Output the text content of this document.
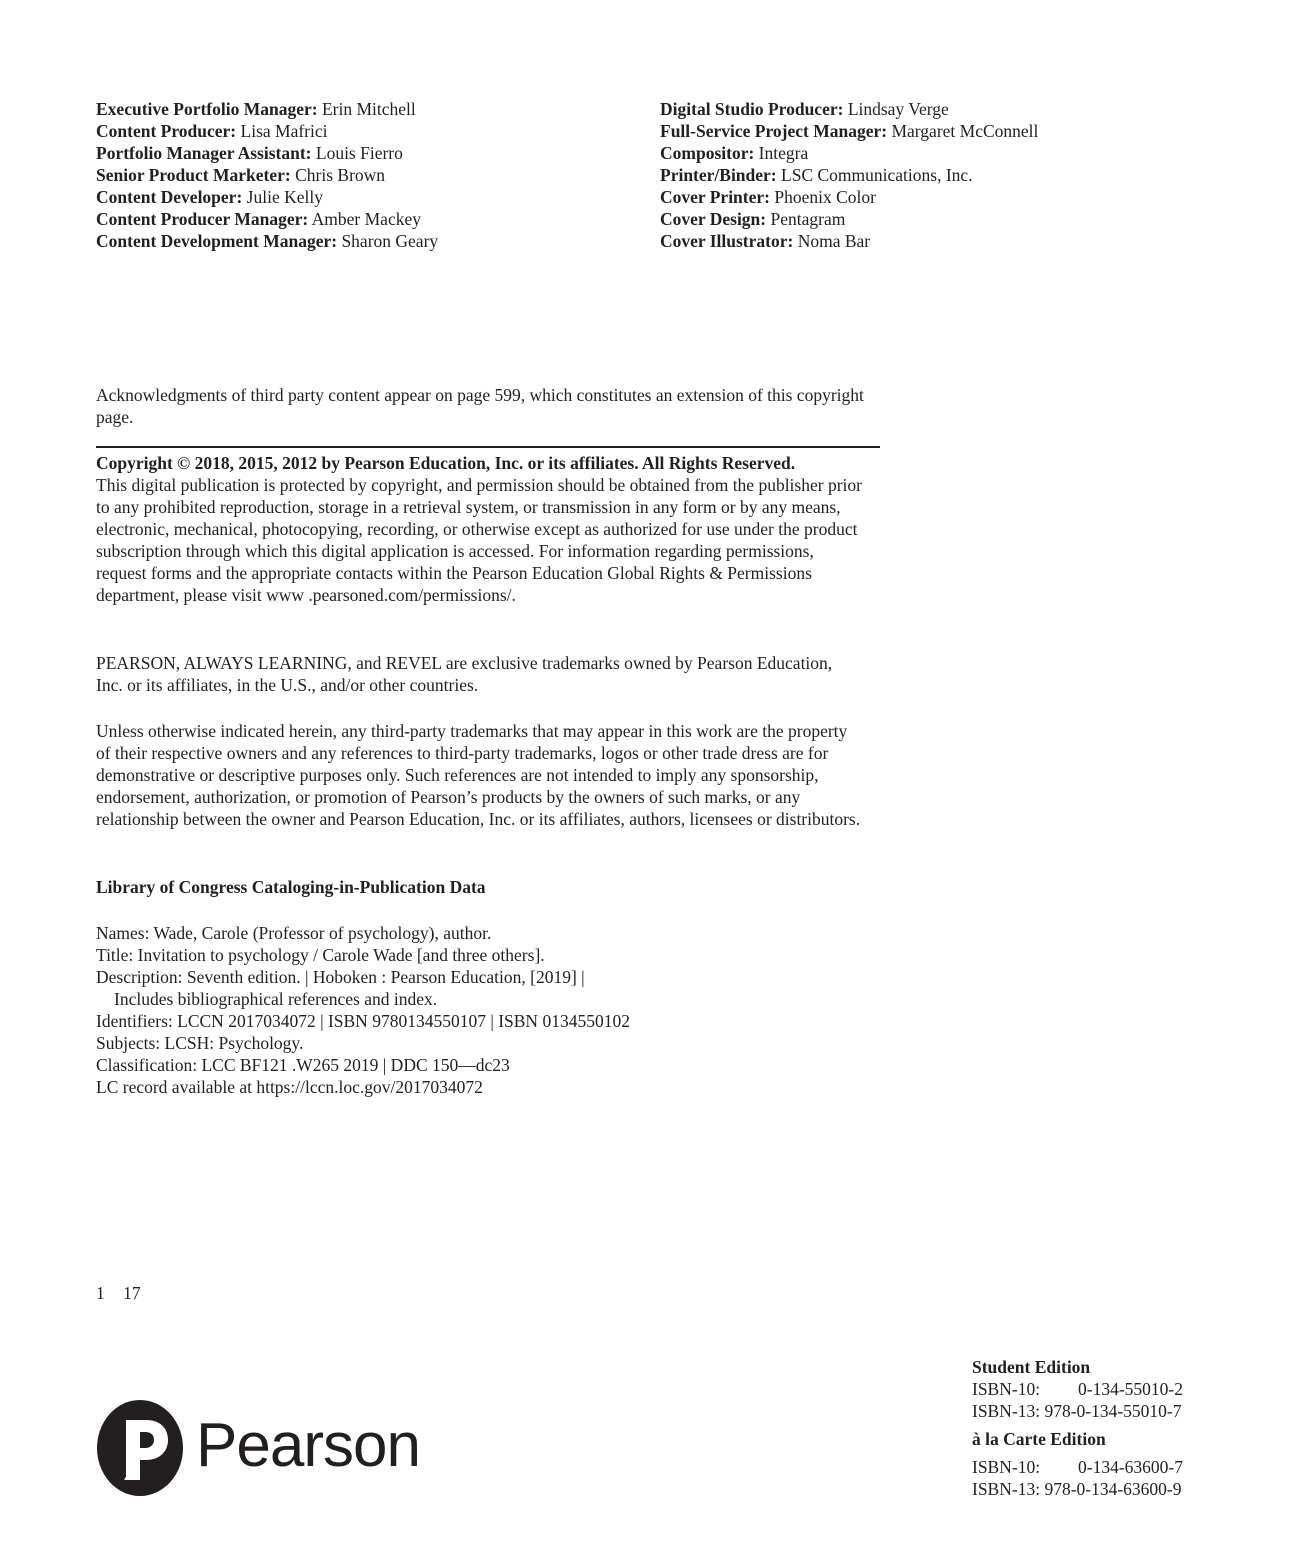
Executive Portfolio Manager: Erin Mitchell
Content Producer: Lisa Mafrici
Portfolio Manager Assistant: Louis Fierro
Senior Product Marketer: Chris Brown
Content Developer: Julie Kelly
Content Producer Manager: Amber Mackey
Content Development Manager: Sharon Geary
Digital Studio Producer: Lindsay Verge
Full-Service Project Manager: Margaret McConnell
Compositor: Integra
Printer/Binder: LSC Communications, Inc.
Cover Printer: Phoenix Color
Cover Design: Pentagram
Cover Illustrator: Noma Bar
Acknowledgments of third party content appear on page 599, which constitutes an extension of this copyright page.
Copyright © 2018, 2015, 2012 by Pearson Education, Inc. or its affiliates. All Rights Reserved.
This digital publication is protected by copyright, and permission should be obtained from the publisher prior to any prohibited reproduction, storage in a retrieval system, or transmission in any form or by any means, electronic, mechanical, photocopying, recording, or otherwise except as authorized for use under the product subscription through which this digital application is accessed. For information regarding permissions, request forms and the appropriate contacts within the Pearson Education Global Rights & Permissions department, please visit www .pearsoned.com/permissions/.
PEARSON, ALWAYS LEARNING, and REVEL are exclusive trademarks owned by Pearson Education, Inc. or its affiliates, in the U.S., and/or other countries.
Unless otherwise indicated herein, any third-party trademarks that may appear in this work are the property of their respective owners and any references to third-party trademarks, logos or other trade dress are for demonstrative or descriptive purposes only. Such references are not intended to imply any sponsorship, endorsement, authorization, or promotion of Pearson’s products by the owners of such marks, or any relationship between the owner and Pearson Education, Inc. or its affiliates, authors, licensees or distributors.
Library of Congress Cataloging-in-Publication Data
Names: Wade, Carole (Professor of psychology), author.
Title: Invitation to psychology / Carole Wade [and three others].
Description: Seventh edition. | Hoboken : Pearson Education, [2019] |
Includes bibliographical references and index.
Identifiers: LCCN 2017034072 | ISBN 9780134550107 | ISBN 0134550102
Subjects: LCSH: Psychology.
Classification: LCC BF121 .W265 2019 | DDC 150—dc23
LC record available at https://lccn.loc.gov/2017034072
1 17
Pearson
Student Edition
ISBN-10: 0-134-55010-2
ISBN-13: 978-0-134-55010-7
à la Carte Edition
ISBN-10: 0-134-63600-7
ISBN-13: 978-0-134-63600-9
